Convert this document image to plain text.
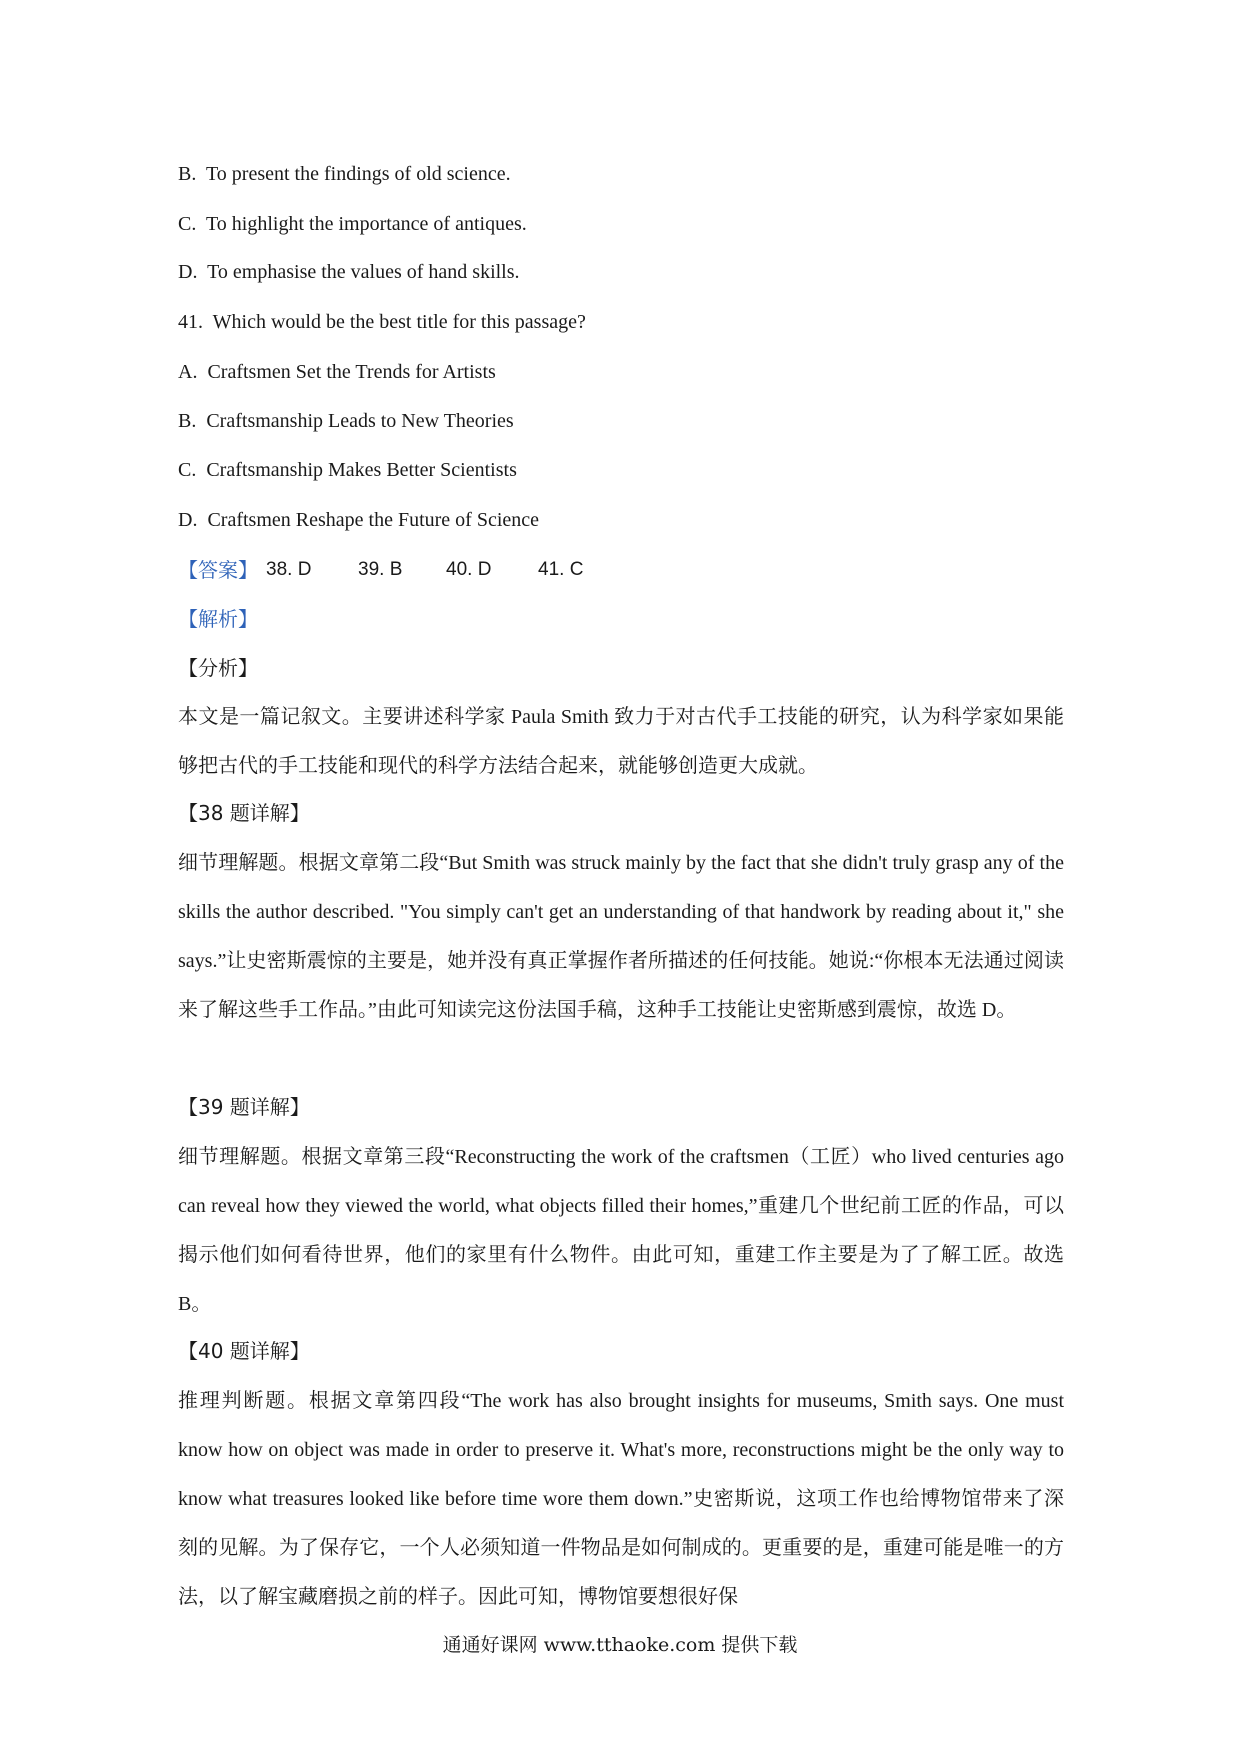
B. To present the findings of old science.
C. To highlight the importance of antiques.
D. To emphasise the values of hand skills.
41. Which would be the best title for this passage?
A. Craftsmen Set the Trends for Artists
B. Craftsmanship Leads to New Theories
C. Craftsmanship Makes Better Scientists
D. Craftsmen Reshape the Future of Science
【答案】 38. D 39. B 40. D 41. C
【解析】
【分析】
本文是一篇记叙文。主要讲述科学家 Paula Smith 致力于对古代手工技能的研究，认为科学家如果能够把古代的手工技能和现代的科学方法结合起来，就能够创造更大成就。
【38 题详解】
细节理解题。根据文章第二段“But Smith was struck mainly by the fact that she didn't truly grasp any of the skills the author described. "You simply can't get an understanding of that handwork by reading about it," she says.”让史密斯震惊的主要是，她并没有真正掌握作者所描述的任何技能。她说:“你根本无法通过阅读来了解这些手工作品。”由此可知读完这份法国手稿，这种手工技能让史密斯感到震惊，故选 D。
【39 题详解】
细节理解题。根据文章第三段“Reconstructing the work of the craftsmen（工匠）who lived centuries ago can reveal how they viewed the world, what objects filled their homes,”重建几个世纪前工匠的作品，可以揭示他们如何看待世界，他们的家里有什么物件。由此可知，重建工作主要是为了了解工匠。故选 B。
【40 题详解】
推理判断题。根据文章第四段“The work has also brought insights for museums, Smith says. One must know how on object was made in order to preserve it. What's more, reconstructions might be the only way to know what treasures looked like before time wore them down.”史密斯说，这项工作也给博物馆带来了深刻的见解。为了保存它，一个人必须知道一件物品是如何制成的。更重要的是，重建可能是唯一的方法，以了解宝藏磨损之前的样子。因此可知，博物馆要想很好保
通通好课网 www.tthaoke.com 提供下载
